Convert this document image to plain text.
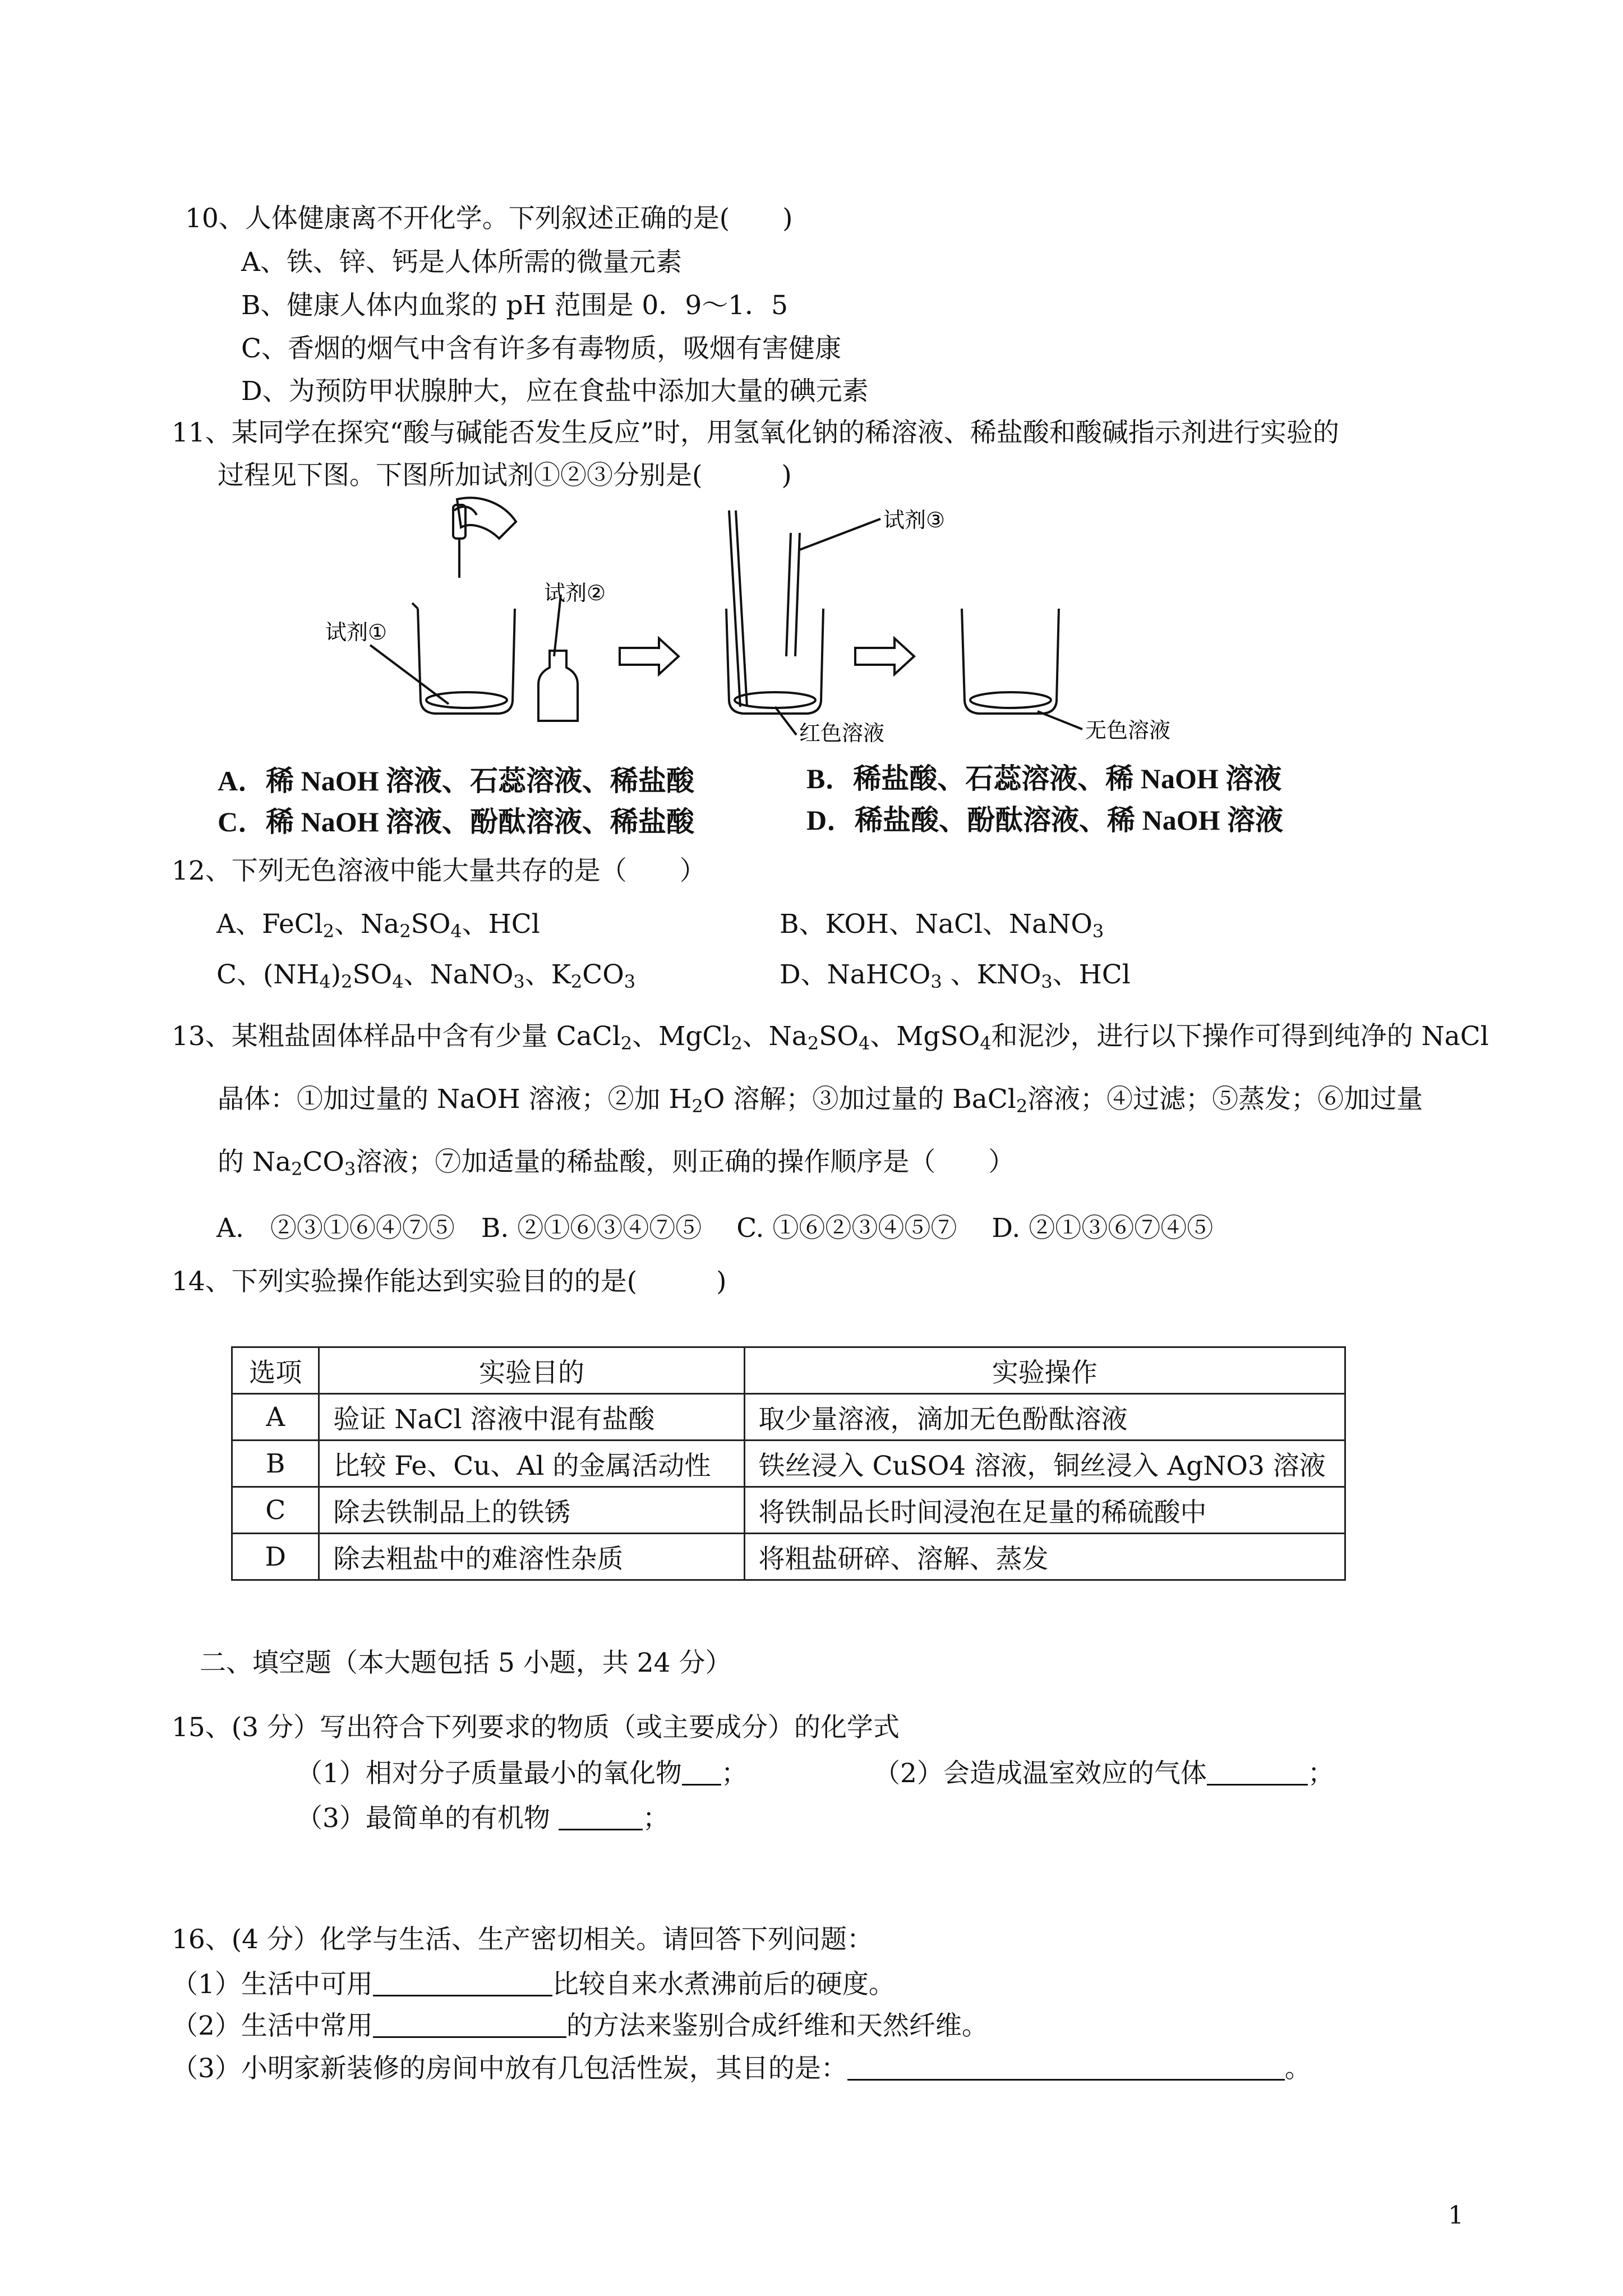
10、人体健康离不开化学。下列叙述正确的是(　　)
A、铁、锌、钙是人体所需的微量元素
B、健康人体内血浆的 pH 范围是 0．9～1．5
C、香烟的烟气中含有许多有毒物质，吸烟有害健康
D、为预防甲状腺肿大，应在食盐中添加大量的碘元素
11、某同学在探究“酸与碱能否发生反应”时，用氢氧化钠的稀溶液、稀盐酸和酸碱指示剂进行实验的
过程见下图。下图所加试剂①②③分别是(　　　)
试剂①
试剂②
试剂③
红色溶液	无色溶液
A．稀 NaOH 溶液、石蕊溶液、稀盐酸	B．稀盐酸、石蕊溶液、稀 NaOH 溶液
C．稀 NaOH 溶液、酚酞溶液、稀盐酸	D．稀盐酸、酚酞溶液、稀 NaOH 溶液
12、下列无色溶液中能大量共存的是（　　）
A、FeCl$_2$、$Na_2SO_4$、HCl	B、KOH、NaCl、NaNO$_3$
C、$(NH_4)_2SO_4$、NaNO$_3$、$K_2CO_3$	D、NaHCO$_3$ 、$KNO_3$、HCl
13、某粗盐固体样品中含有少量 CaCl$_2$、MgCl$_2$、$Na_2SO_4$、MgSO$_4$和泥沙，进行以下操作可得到纯净的 NaCl
晶体：①加过量的 NaOH 溶液；②加 $H_2O$ 溶解；③加过量的 BaCl$_2$溶液；④过滤；⑤蒸发；⑥加过量
的 $Na_2CO_3$溶液；⑦加适量的稀盐酸，则正确的操作顺序是（　　）
A.　②③①⑥④⑦⑤　B. ②①⑥③④⑦⑤　 C. ①⑥②③④⑤⑦　 D. ②①③⑥⑦④⑤
14、下列实验操作能达到实验目的的是(　　　)
选项	实验目的	实验操作
A	验证 NaCl 溶液中混有盐酸	取少量溶液，滴加无色酚酞溶液
B	比较 Fe、Cu、Al 的金属活动性	铁丝浸入 CuSO4 溶液，铜丝浸入 AgNO3 溶液
C	除去铁制品上的铁锈	将铁制品长时间浸泡在足量的稀硫酸中
D	除去粗盐中的难溶性杂质	将粗盐研碎、溶解、蒸发
二、填空题（本大题包括 5 小题，共 24 分）
15、(3 分）写出符合下列要求的物质（或主要成分）的化学式
（1）相对分子质量最小的氧化物 ；	（2）会造成温室效应的气体	；
（3）最简单的有机物	；
16、(4 分）化学与生活、生产密切相关。请回答下列问题：
（1）生活中可用	比较自来水煮沸前后的硬度。
（2）生活中常用	的方法来鉴别合成纤维和天然纤维。
（3）小明家新装修的房间中放有几包活性炭，其目的是：	。
1
